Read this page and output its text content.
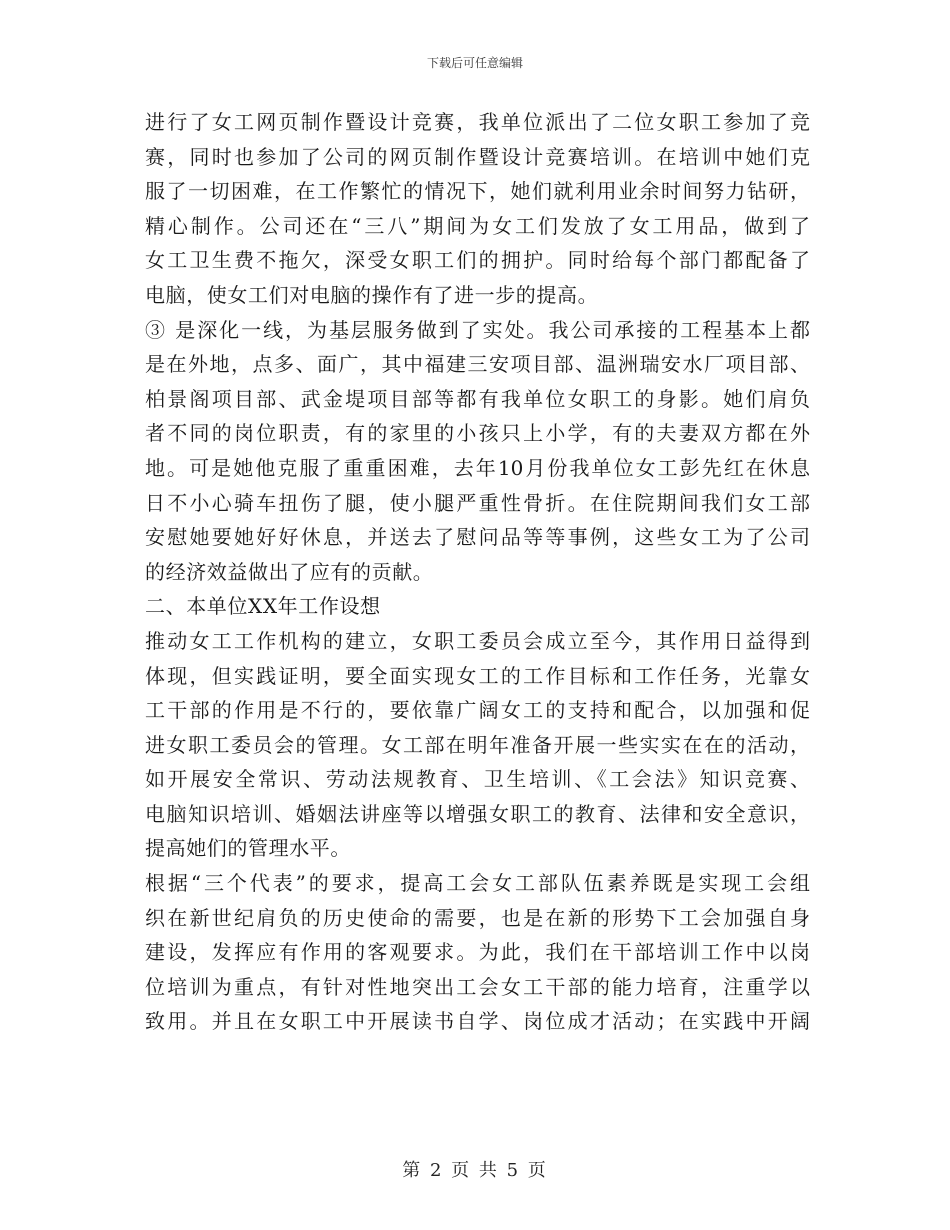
下载后可任意编辑
进行了女工网页制作暨设计竞赛，我单位派出了二位女职工参加了竞
赛，同时也参加了公司的网页制作暨设计竞赛培训。在培训中她们克
服了一切困难，在工作繁忙的情况下，她们就利用业余时间努力钻研，
精心制作。公司还在“三八”期间为女工们发放了女工用品，做到了
女工卫生费不拖欠，深受女职工们的拥护。同时给每个部门都配备了
电脑，使女工们对电脑的操作有了进一步的提高。
③ 是深化一线，为基层服务做到了实处。我公司承接的工程基本上都
是在外地，点多、面广，其中福建三安项目部、温洲瑞安水厂项目部、
柏景阁项目部、武金堤项目部等都有我单位女职工的身影。她们肩负
者不同的岗位职责，有的家里的小孩只上小学，有的夫妻双方都在外
地。可是她他克服了重重困难，去年10月份我单位女工彭先红在休息
日不小心骑车扭伤了腿，使小腿严重性骨折。在住院期间我们女工部
安慰她要她好好休息，并送去了慰问品等等事例，这些女工为了公司
的经济效益做出了应有的贡献。
二、本单位XX年工作设想
推动女工工作机构的建立，女职工委员会成立至今，其作用日益得到
体现，但实践证明，要全面实现女工的工作目标和工作任务，光靠女
工干部的作用是不行的，要依靠广阔女工的支持和配合，以加强和促
进女职工委员会的管理。女工部在明年准备开展一些实实在在的活动，
如开展安全常识、劳动法规教育、卫生培训、《工会法》知识竞赛、
电脑知识培训、婚姻法讲座等以增强女职工的教育、法律和安全意识，
提高她们的管理水平。
根据“三个代表”的要求，提高工会女工部队伍素养既是实现工会组
织在新世纪肩负的历史使命的需要，也是在新的形势下工会加强自身
建设，发挥应有作用的客观要求。为此，我们在干部培训工作中以岗
位培训为重点，有针对性地突出工会女工干部的能力培育，注重学以
致用。并且在女职工中开展读书自学、岗位成才活动；在实践中开阔
第 2 页 共 5 页
